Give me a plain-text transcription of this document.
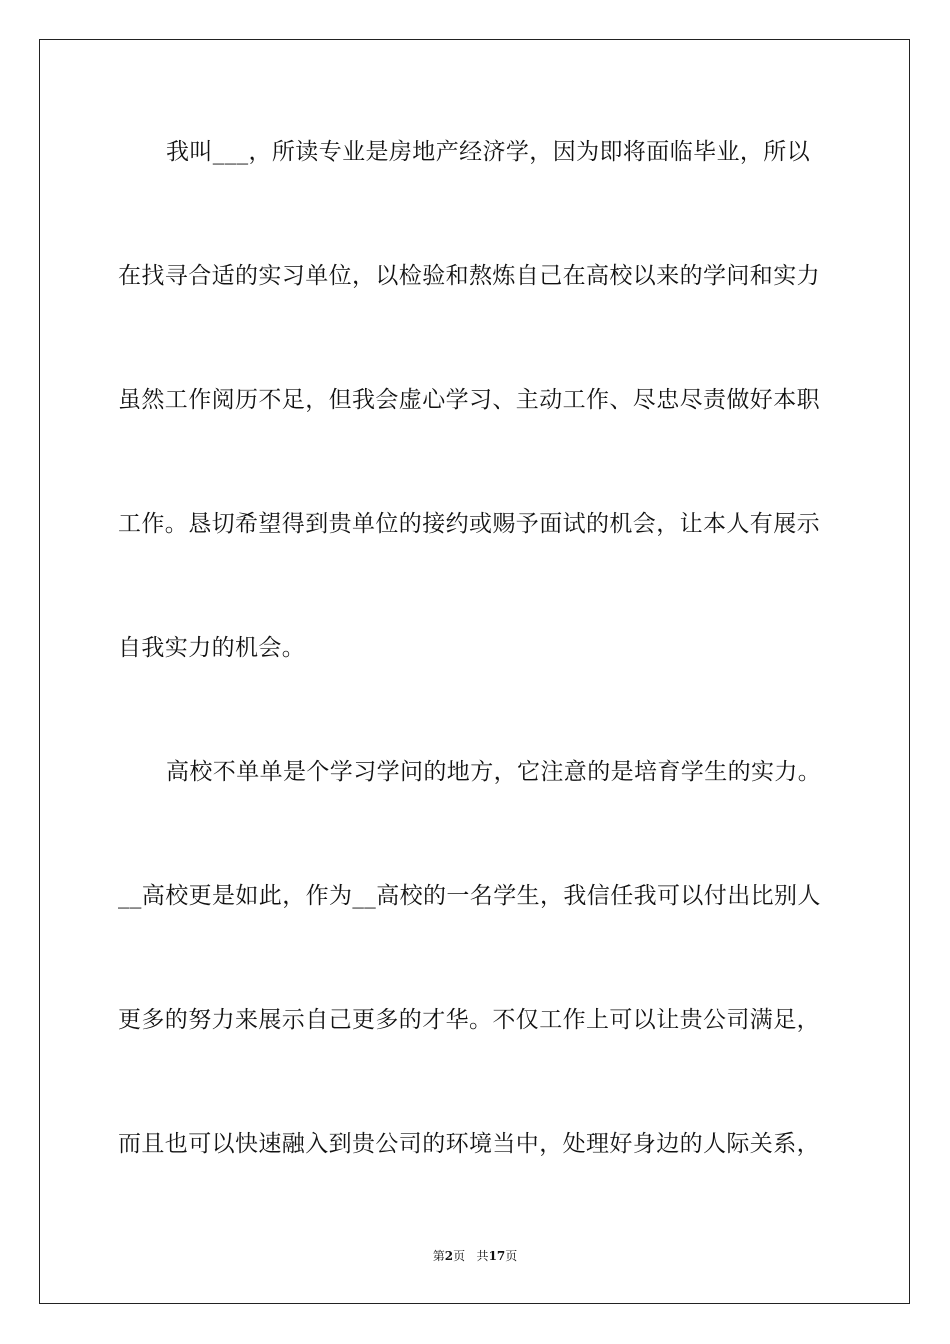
我叫___，所读专业是房地产经济学，因为即将面临毕业，所以
在找寻合适的实习单位，以检验和熬炼自己在高校以来的学问和实力
虽然工作阅历不足，但我会虚心学习、主动工作、尽忠尽责做好本职
工作。恳切希望得到贵单位的接约或赐予面试的机会，让本人有展示
自我实力的机会。
高校不单单是个学习学问的地方，它注意的是培育学生的实力。
__高校更是如此，作为__高校的一名学生，我信任我可以付出比别人
更多的努力来展示自己更多的才华。不仅工作上可以让贵公司满足，
而且也可以快速融入到贵公司的环境当中，处理好身边的人际关系，
第2页 共17页
